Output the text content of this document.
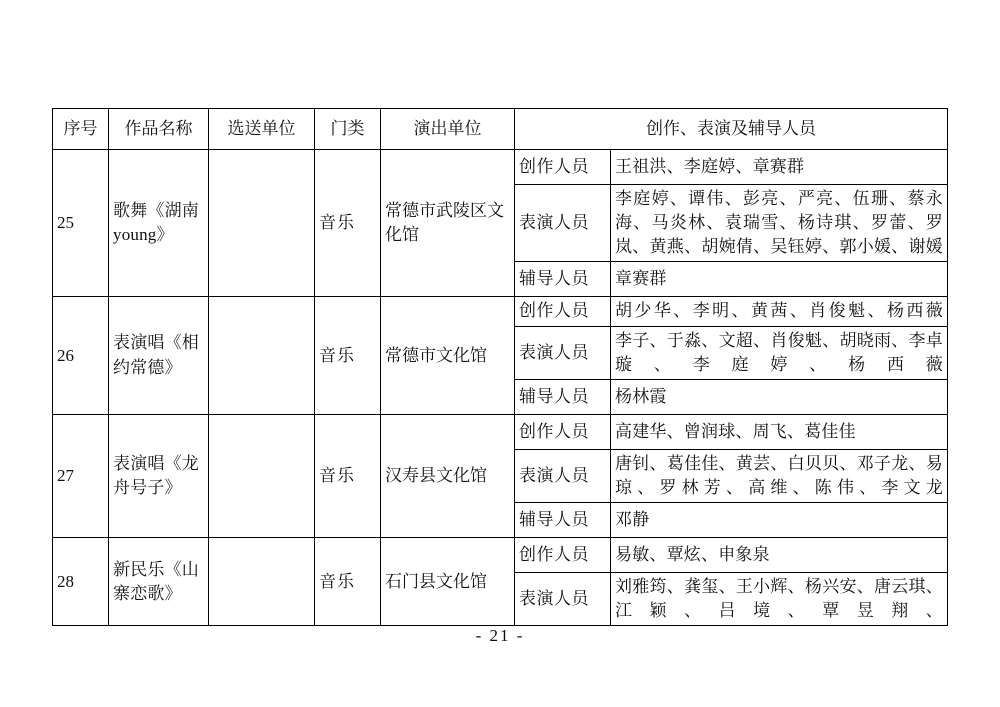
序号	作品名称	选送单位	门类	演出单位	创作、表演及辅导人员	
25	歌舞《湖南young》		音乐	常德市武陵区文化馆	创作人员	王祖洪、李庭婷、章赛群
					表演人员	李庭婷、谭伟、彭亮、严亮、伍珊、蔡永海、马炎林、袁瑞雪、杨诗琪、罗蕾、罗岚、黄燕、胡婉倩、吴钰婷、郭小媛、谢媛
					辅导人员	章赛群
26	表演唱《相约常德》		音乐	常德市文化馆	创作人员	胡少华、李明、黄茜、肖俊魁、杨西薇
					表演人员	李子、于淼、文超、肖俊魁、胡晓雨、李卓璇、李庭婷、杨西薇
					辅导人员	杨林霞
27	表演唱《龙舟号子》		音乐	汉寿县文化馆	创作人员	高建华、曾润球、周飞、葛佳佳
					表演人员	唐钊、葛佳佳、黄芸、白贝贝、邓子龙、易琼、罗林芳、高维、陈伟、李文龙
					辅导人员	邓静
28	新民乐《山寨恋歌》		音乐	石门县文化馆	创作人员	易敏、覃炫、申象泉
					表演人员	刘雅筠、龚玺、王小辉、杨兴安、唐云琪、江颖、吕境、覃昱翔、
- 21 -
